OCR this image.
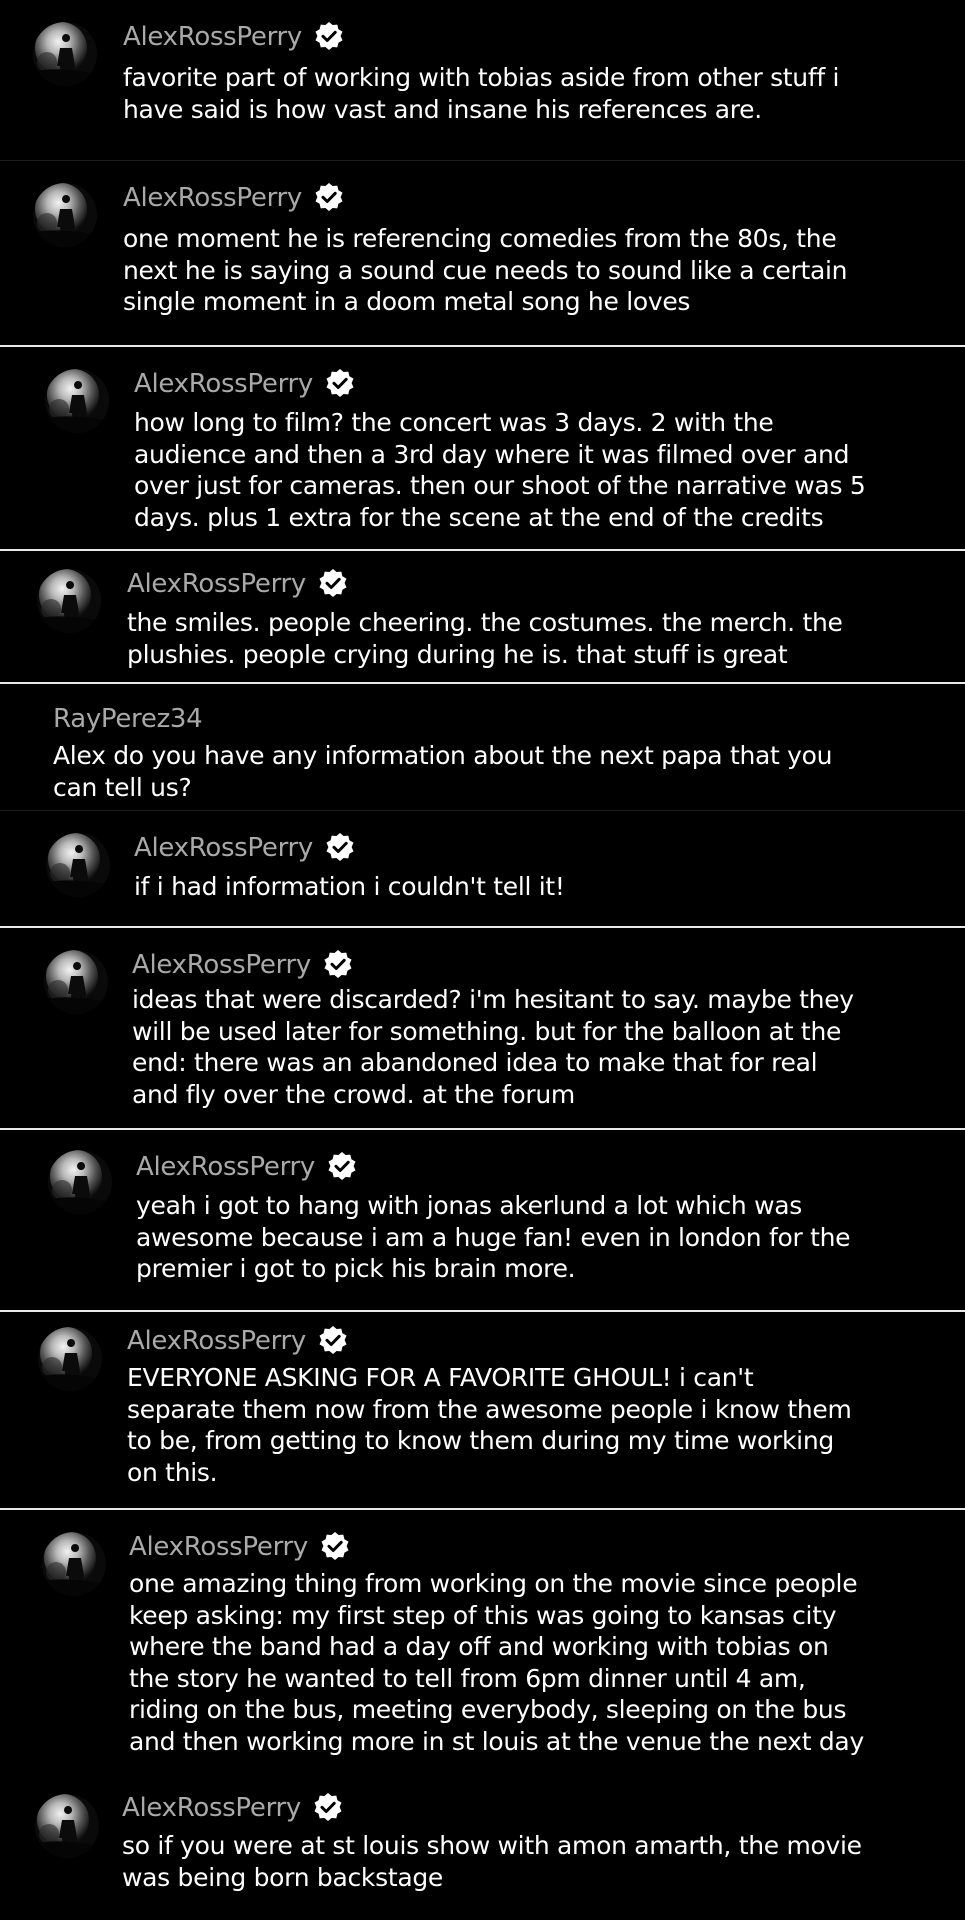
AlexRossPerry
favorite part of working with tobias aside from other stuff i
have said is how vast and insane his references are.
AlexRossPerry
one moment he is referencing comedies from the 80s, the
next he is saying a sound cue needs to sound like a certain
single moment in a doom metal song he loves
AlexRossPerry
how long to film? the concert was 3 days. 2 with the
audience and then a 3rd day where it was filmed over and
over just for cameras. then our shoot of the narrative was 5
days. plus 1 extra for the scene at the end of the credits
AlexRossPerry
the smiles. people cheering. the costumes. the merch. the
plushies. people crying during he is. that stuff is great
RayPerez34
Alex do you have any information about the next papa that you
can tell us?
AlexRossPerry
if i had information i couldn't tell it!
AlexRossPerry
ideas that were discarded? i'm hesitant to say. maybe they
will be used later for something. but for the balloon at the
end: there was an abandoned idea to make that for real
and fly over the crowd. at the forum
AlexRossPerry
yeah i got to hang with jonas akerlund a lot which was
awesome because i am a huge fan! even in london for the
premier i got to pick his brain more.
AlexRossPerry
EVERYONE ASKING FOR A FAVORITE GHOUL! i can't
separate them now from the awesome people i know them
to be, from getting to know them during my time working
on this.
AlexRossPerry
one amazing thing from working on the movie since people
keep asking: my first step of this was going to kansas city
where the band had a day off and working with tobias on
the story he wanted to tell from 6pm dinner until 4 am,
riding on the bus, meeting everybody, sleeping on the bus
and then working more in st louis at the venue the next day
AlexRossPerry
so if you were at st louis show with amon amarth, the movie
was being born backstage
